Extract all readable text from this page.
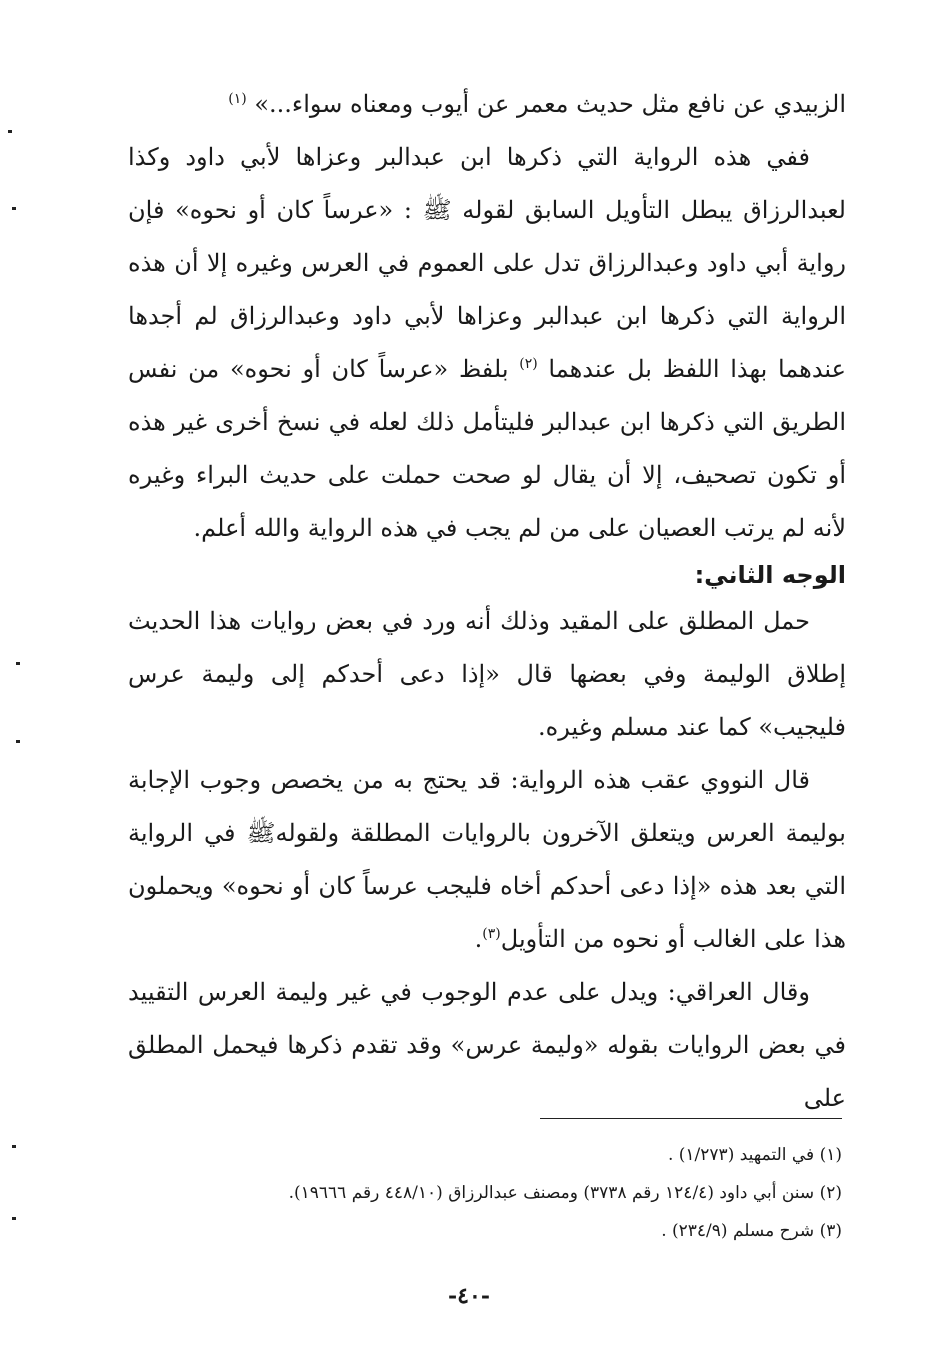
الزبيدي عن نافع مثل حديث معمر عن أيوب ومعناه سواء...» $^{(١)}$

ففي هذه الرواية التي ذكرها ابن عبدالبر وعزاها لأبي داود وكذا لعبدالرزاق يبطل التأويل السابق لقوله ﷺ : «عرساً كان أو نحوه» فإن رواية أبي داود وعبدالرزاق تدل على العموم في العرس وغيره إلا أن هذه الرواية التي ذكرها ابن عبدالبر وعزاها لأبي داود وعبدالرزاق لم أجدها عندهما بهذا اللفظ بل عندهما $^{(٢)}$ بلفظ «عرساً كان أو نحوه» من نفس الطريق التي ذكرها ابن عبدالبر فليتأمل ذلك لعله في نسخ أخرى غير هذه أو تكون تصحيف، إلا أن يقال لو صحت حملت على حديث البراء وغيره لأنه لم يرتب العصيان على من لم يجب في هذه الرواية والله أعلم.

الوجه الثاني:

حمل المطلق على المقيد وذلك أنه ورد في بعض روايات هذا الحديث إطلاق الوليمة وفي بعضها قال «إذا دعى أحدكم إلى وليمة عرس فليجيب» كما عند مسلم وغيره.

قال النووي عقب هذه الرواية: قد يحتج به من يخصص وجوب الإجابة بوليمة العرس ويتعلق الآخرون بالروايات المطلقة ولقولهﷺ في الرواية التي بعد هذه «إذا دعى أحدكم أخاه فليجب عرساً كان أو نحوه» ويحملون هذا على الغالب أو نحوه من التأويل$^{(٣)}$.

وقال العراقي: ويدل على عدم الوجوب في غير وليمة العرس التقييد في بعض الروايات بقوله «وليمة عرس» وقد تقدم ذكرها فيحمل المطلق على

(١) في التمهيد (١/٢٧٣) .

(٢) سنن أبي داود (١٢٤/٤ رقم ٣٧٣٨) ومصنف عبدالرزاق (٤٤٨/١٠ رقم ١٩٦٦٦).

(٣) شرح مسلم (٢٣٤/٩) .

-٤٠-
